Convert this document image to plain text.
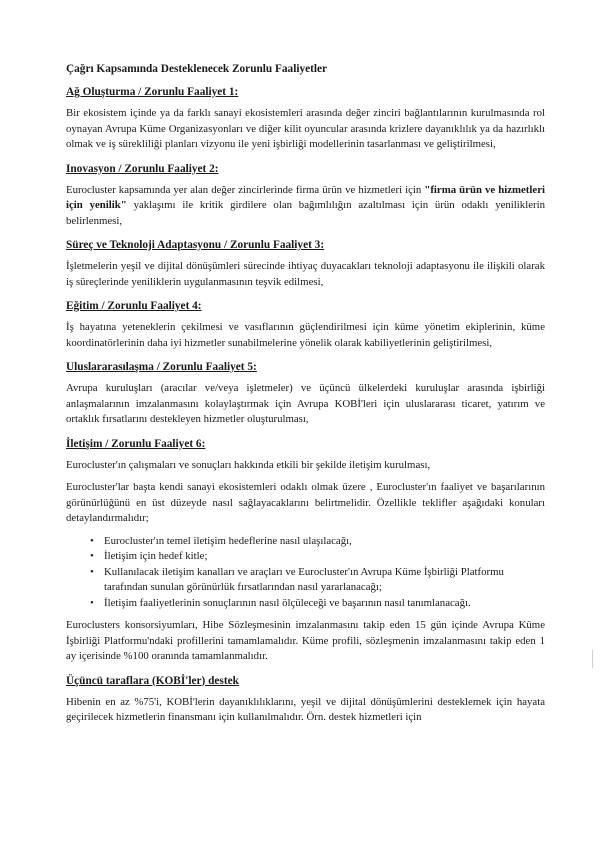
Çağrı Kapsamında Desteklenecek Zorunlu Faaliyetler

Ağ Oluşturma / Zorunlu Faaliyet 1:

Bir ekosistem içinde ya da farklı sanayi ekosistemleri arasında değer zinciri bağlantılarının kurulmasında rol oynayan Avrupa Küme Organizasyonları ve diğer kilit oyuncular arasında krizlere dayanıklılık ya da hazırlıklı olmak ve iş sürekliliği planları vizyonu ile yeni işbirliği modellerinin tasarlanması ve geliştirilmesi,

Inovasyon / Zorunlu Faaliyet 2:

Eurocluster kapsamında yer alan değer zincirlerinde firma ürün ve hizmetleri için "firma ürün ve hizmetleri için yenilik" yaklaşımı ile kritik girdilere olan bağımlılığın azaltılması için ürün odaklı yeniliklerin belirlenmesi,

Süreç ve Teknoloji Adaptasyonu / Zorunlu Faaliyet 3:

İşletmelerin yeşil ve dijital dönüşümleri sürecinde ihtiyaç duyacakları teknoloji adaptasyonu ile ilişkili olarak iş süreçlerinde yeniliklerin uygulanmasının teşvik edilmesi,

Eğitim / Zorunlu Faaliyet 4:

İş hayatına yeteneklerin çekilmesi ve vasıflarının güçlendirilmesi için küme yönetim ekiplerinin, küme koordinatörlerinin daha iyi hizmetler sunabilmelerine yönelik olarak kabiliyetlerinin geliştirilmesi,

Uluslararasılaşma / Zorunlu Faaliyet 5:

Avrupa kuruluşları (aracılar ve/veya işletmeler) ve üçüncü ülkelerdeki kuruluşlar arasında işbirliği anlaşmalarının imzalanmasını kolaylaştırmak için Avrupa KOBİ'leri için uluslararası ticaret, yatırım ve ortaklık fırsatlarını destekleyen hizmetler oluşturulması,

İletişim / Zorunlu Faaliyet 6:

Eurocluster'ın çalışmaları ve sonuçları hakkında etkili bir şekilde iletişim kurulması,

Eurocluster'lar başta kendi sanayi ekosistemleri odaklı olmak üzere , Eurocluster'ın faaliyet ve başarılarının görünürlüğünü en üst düzeyde nasıl sağlayacaklarını belirtmelidir. Özellikle teklifler aşağıdaki konuları detaylandırmalıdır;

• Eurocluster'ın temel iletişim hedeflerine nasıl ulaşılacağı,
• İletişim için hedef kitle;
• Kullanılacak iletişim kanalları ve araçları ve Eurocluster'ın Avrupa Küme İşbirliği Platformu tarafından sunulan görünürlük fırsatlarından nasıl yararlanacağı;
• İletişim faaliyetlerinin sonuçlarının nasıl ölçüleceği ve başarının nasıl tanımlanacağı.

Euroclusters konsorsiyumları, Hibe Sözleşmesinin imzalanmasını takip eden 15 gün içinde Avrupa Küme İşbirliği Platformu'ndaki profillerini tamamlamalıdır. Küme profili, sözleşmenin imzalanmasını takip eden 1 ay içerisinde %100 oranında tamamlanmalıdır.

Üçüncü taraflara (KOBİ'ler) destek

Hibenin en az %75'i, KOBİ'lerin dayanıklılıklarını, yeşil ve dijital dönüşümlerini desteklemek için hayata geçirilecek hizmetlerin finansmanı için kullanılmalıdır. Örn. destek hizmetleri için
